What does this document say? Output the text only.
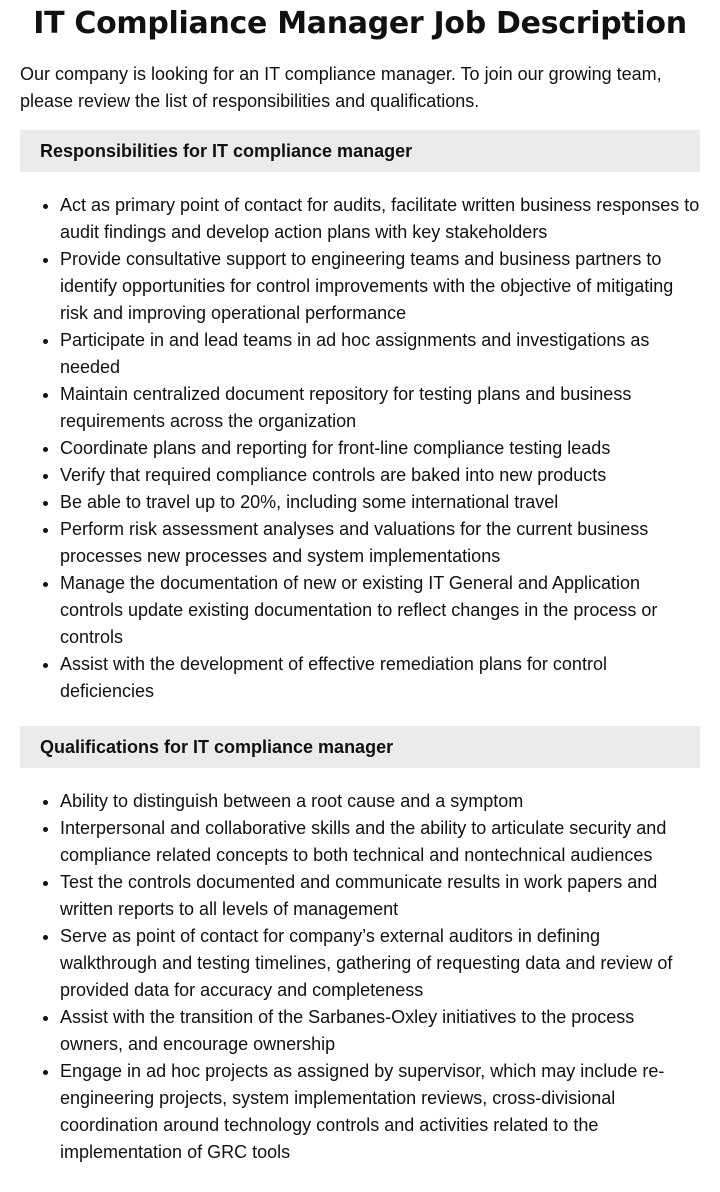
IT Compliance Manager Job Description

Our company is looking for an IT compliance manager. To join our growing team, please review the list of responsibilities and qualifications.

Responsibilities for IT compliance manager
• Act as primary point of contact for audits, facilitate written business responses to audit findings and develop action plans with key stakeholders
• Provide consultative support to engineering teams and business partners to identify opportunities for control improvements with the objective of mitigating risk and improving operational performance
• Participate in and lead teams in ad hoc assignments and investigations as needed
• Maintain centralized document repository for testing plans and business requirements across the organization
• Coordinate plans and reporting for front-line compliance testing leads
• Verify that required compliance controls are baked into new products
• Be able to travel up to 20%, including some international travel
• Perform risk assessment analyses and valuations for the current business processes new processes and system implementations
• Manage the documentation of new or existing IT General and Application controls update existing documentation to reflect changes in the process or controls
• Assist with the development of effective remediation plans for control deficiencies
Qualifications for IT compliance manager
• Ability to distinguish between a root cause and a symptom
• Interpersonal and collaborative skills and the ability to articulate security and compliance related concepts to both technical and nontechnical audiences
• Test the controls documented and communicate results in work papers and written reports to all levels of management
• Serve as point of contact for company’s external auditors in defining walkthrough and testing timelines, gathering of requesting data and review of provided data for accuracy and completeness
• Assist with the transition of the Sarbanes-Oxley initiatives to the process owners, and encourage ownership
• Engage in ad hoc projects as assigned by supervisor, which may include re-engineering projects, system implementation reviews, cross-divisional coordination around technology controls and activities related to the implementation of GRC tools
